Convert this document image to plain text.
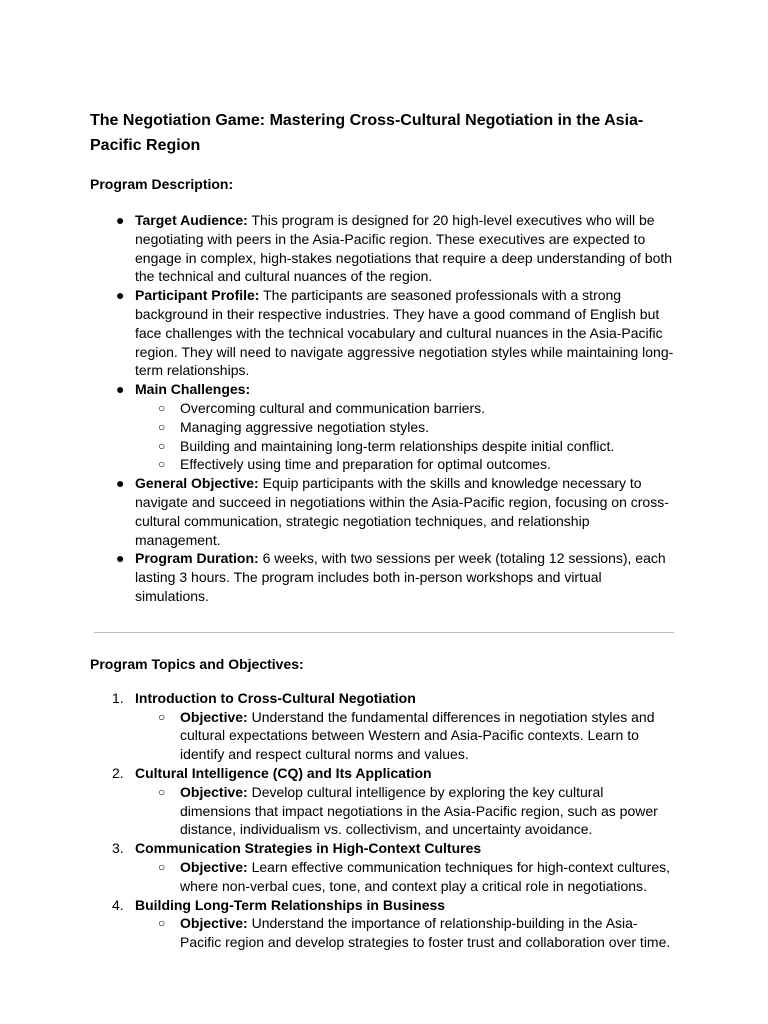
The Negotiation Game: Mastering Cross-Cultural Negotiation in the Asia-Pacific Region
Program Description:
● Target Audience: This program is designed for 20 high-level executives who will be negotiating with peers in the Asia-Pacific region. These executives are expected to engage in complex, high-stakes negotiations that require a deep understanding of both the technical and cultural nuances of the region.
● Participant Profile: The participants are seasoned professionals with a strong background in their respective industries. They have a good command of English but face challenges with the technical vocabulary and cultural nuances in the Asia-Pacific region. They will need to navigate aggressive negotiation styles while maintaining long-term relationships.
● Main Challenges:
○ Overcoming cultural and communication barriers.
○ Managing aggressive negotiation styles.
○ Building and maintaining long-term relationships despite initial conflict.
○ Effectively using time and preparation for optimal outcomes.
● General Objective: Equip participants with the skills and knowledge necessary to navigate and succeed in negotiations within the Asia-Pacific region, focusing on cross-cultural communication, strategic negotiation techniques, and relationship management.
● Program Duration: 6 weeks, with two sessions per week (totaling 12 sessions), each lasting 3 hours. The program includes both in-person workshops and virtual simulations.
Program Topics and Objectives:
1. Introduction to Cross-Cultural Negotiation
○ Objective: Understand the fundamental differences in negotiation styles and cultural expectations between Western and Asia-Pacific contexts. Learn to identify and respect cultural norms and values.
2. Cultural Intelligence (CQ) and Its Application
○ Objective: Develop cultural intelligence by exploring the key cultural dimensions that impact negotiations in the Asia-Pacific region, such as power distance, individualism vs. collectivism, and uncertainty avoidance.
3. Communication Strategies in High-Context Cultures
○ Objective: Learn effective communication techniques for high-context cultures, where non-verbal cues, tone, and context play a critical role in negotiations.
4. Building Long-Term Relationships in Business
○ Objective: Understand the importance of relationship-building in the Asia-Pacific region and develop strategies to foster trust and collaboration over time.
